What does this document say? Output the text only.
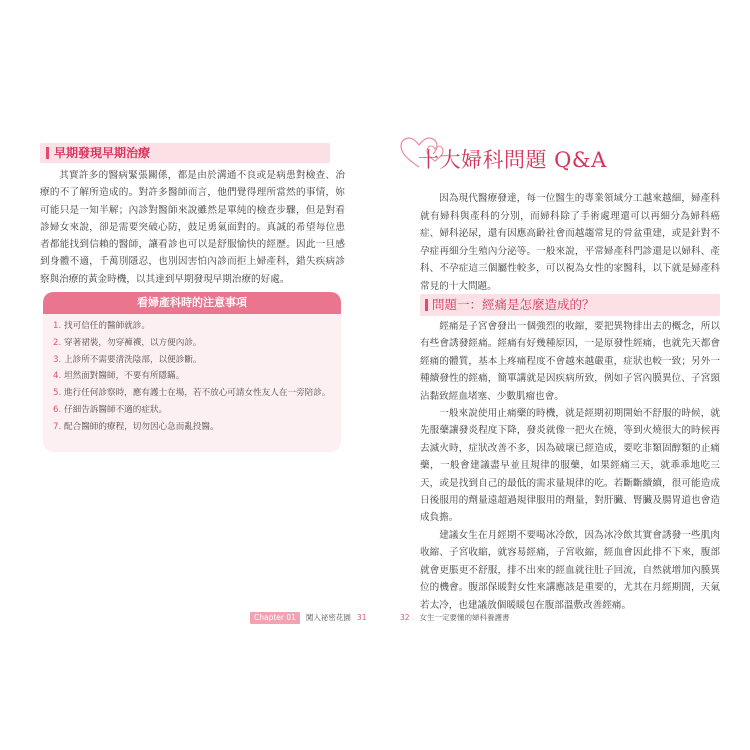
早期發現早期治療

其實許多的醫病緊張關係，都是由於溝通不良或是病患對檢查、治療的不了解所造成的。對許多醫師而言，他們覺得理所當然的事情，妳可能只是一知半解；內診對醫師來說雖然是單純的檢查步驟，但是對看診婦女來說，卻是需要突破心防，鼓足勇氣面對的。真誠的希望每位患者都能找到信賴的醫師，讓看診也可以是舒服愉快的經歷。因此一旦感到身體不適，千萬別隱忍，也別因害怕內診而拒上婦產科，錯失疾病診察與治療的黃金時機，以其達到早期發現早期治療的好處。

看婦產科時的注意事項
1. 找可信任的醫師就診。
2. 穿著裙裝，勿穿褲襪，以方便內診。
3. 上診所不需要清洗陰部，以便診斷。
4. 坦然面對醫師，不要有所隱瞞。
5. 進行任何診察時，應有護士在場，若不放心可請女性友人在一旁陪診。
6. 仔細告訴醫師不適的症狀。
7. 配合醫師的療程，切勿因心急而亂投醫。
Chapter 01	闖入祕密花園 31
十大婦科問題 Q&A

因為現代醫療發達，每一位醫生的專業領域分工越來越細，婦產科就有婦科與產科的分別，而婦科除了手術處理還可以再細分為婦科癌症、婦科泌尿，還有因應高齡社會而越趨常見的骨盆重建，或是針對不孕症再細分生殖內分泌等。一般來說，平常婦產科門診還是以婦科、產科、不孕症這三個屬性較多，可以視為女性的家醫科，以下就是婦產科常見的十大問題。

問題一：經痛是怎麼造成的？

經痛是子宮會發出一個強烈的收縮，要把異物排出去的概念，所以有些會誘發經痛。經痛有好幾種原因，一是原發性經痛，也就先天都會經痛的體質，基本上疼痛程度不會越來越嚴重，症狀也較一致；另外一種續發性的經痛，簡單講就是因疾病所致，例如子宮內膜異位、子宮頸沾黏致經血堵塞、少數肌瘤也會。

一般來說使用止痛藥的時機，就是經期初期開始不舒服的時候，就先服藥讓發炎程度下降，發炎就像一把火在燒，等到火燒很大的時候再去滅火時，症狀改善不多，因為破壞已經造成，要吃非類固醇類的止痛藥，一般會建議盡早並且規律的服藥，如果經痛三天，就乖乖地吃三天，或是找到自己的最低的需求量規律的吃。若斷斷續續，很可能造成日後服用的劑量遠超過規律服用的劑量，對肝臟、腎臟及腸胃道也會造成負擔。

建議女生在月經期不要喝冰冷飲，因為冰冷飲其實會誘發一些肌肉收縮、子宮收縮，就容易經痛，子宮收縮，經血會因此排不下來，腹部就會更脹更不舒服，排不出來的經血就往肚子回流，自然就增加內膜異位的機會。腹部保暖對女性來講應該是重要的，尤其在月經期間，天氣若太冷，也建議放個暖暖包在腹部溫敷改善經痛。

32 女生一定要懂的婦科養護書
